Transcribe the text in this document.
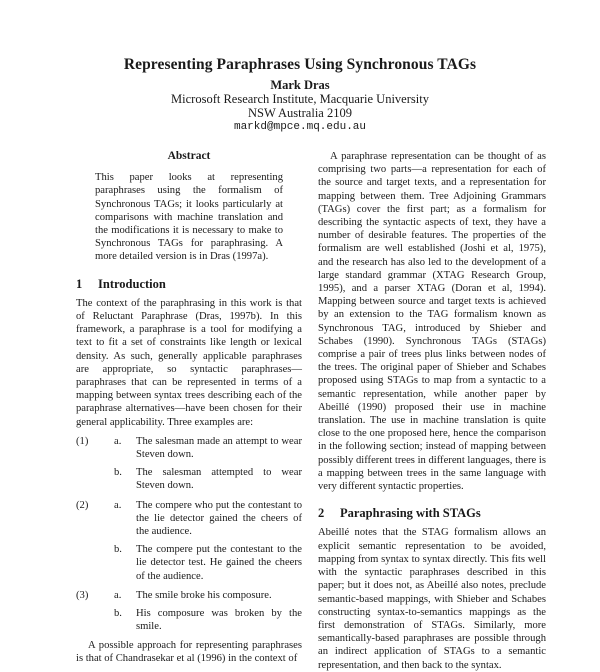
Representing Paraphrases Using Synchronous TAGs
Mark Dras
Microsoft Research Institute, Macquarie University
NSW Australia 2109
markd@mpce.mq.edu.au
Abstract

This paper looks at representing paraphrases using the formalism of Synchronous TAGs; it looks particularly at comparisons with machine translation and the modifications it is necessary to make to Synchronous TAGs for paraphrasing. A more detailed version is in Dras (1997a).

1 Introduction

The context of the paraphrasing in this work is that of Reluctant Paraphrase (Dras, 1997b). In this framework, a paraphrase is a tool for modifying a text to fit a set of constraints like length or lexical density. As such, generally applicable paraphrases are appropriate, so syntactic paraphrases—paraphrases that can be represented in terms of a mapping between syntax trees describing each of the paraphrase alternatives—have been chosen for their general applicability. Three examples are:

(1) a. The salesman made an attempt to wear Steven down.
b. The salesman attempted to wear Steven down.
(2) a. The compere who put the contestant to the lie detector gained the cheers of the audience.
b. The compere put the contestant to the lie detector test. He gained the cheers of the audience.
(3) a. The smile broke his composure.
b. His composure was broken by the smile.

A possible approach for representing paraphrases is that of Chandrasekar et al (1996) in the context of

A paraphrase representation can be thought of as comprising two parts—a representation for each of the source and target texts, and a representation for mapping between them. Tree Adjoining Grammars (TAGs) cover the first part; as a formalism for describing the syntactic aspects of text, they have a number of desirable features. The properties of the formalism are well established (Joshi et al, 1975), and the research has also led to the development of a large standard grammar (XTAG Research Group, 1995), and a parser XTAG (Doran et al, 1994). Mapping between source and target texts is achieved by an extension to the TAG formalism known as Synchronous TAG, introduced by Shieber and Schabes (1990). Synchronous TAGs (STAGs) comprise a pair of trees plus links between nodes of the trees. The original paper of Shieber and Schabes proposed using STAGs to map from a syntactic to a semantic representation, while another paper by Abeillé (1990) proposed their use in machine translation. The use in machine translation is quite close to the one proposed here, hence the comparison in the following section; instead of mapping between possibly different trees in different languages, there is a mapping between trees in the same language with very different syntactic properties.

2 Paraphrasing with STAGs

Abeillé notes that the STAG formalism allows an explicit semantic representation to be avoided, mapping from syntax to syntax directly. This fits well with the syntactic paraphrases described in this paper; but it does not, as Abeillé also notes, preclude semantic-based mappings, with Shieber and Schabes constructing syntax-to-semantics mappings as the first demonstration of STAGs. Similarly, more semantically-based paraphrases are possible through an indirect application of STAGs to a semantic representation, and then back to the syntax.
